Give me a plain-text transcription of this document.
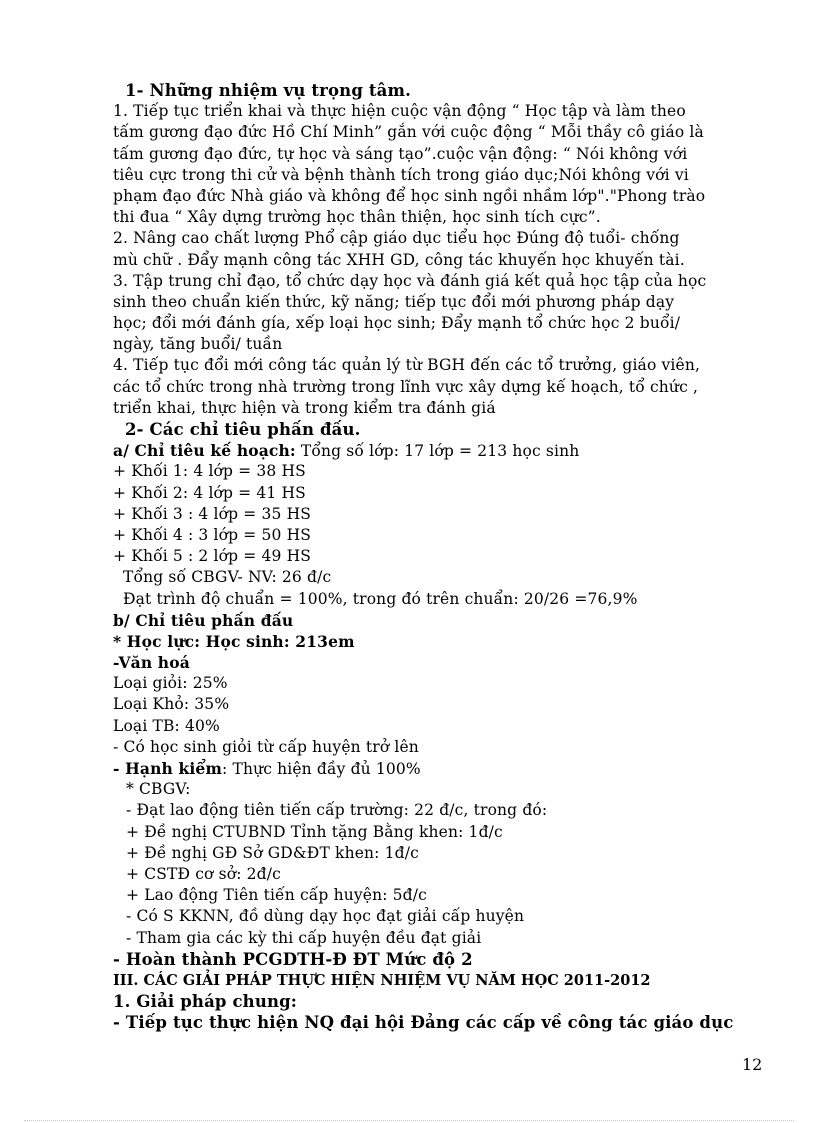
1- Những nhiệm vụ trọng tâm.
1. Tiếp tục triển khai và thực hiện cuộc vận động “ Học tập và làm theo
tấm gương đạo đức Hồ Chí Minh” gắn với cuộc động “ Mỗi thầy cô giáo là
tấm gương đạo đức, tự học và sáng tạo”.cuộc vận động: “ Nói không với
tiêu cực trong thi cử và bệnh thành tích trong giáo dục;Nói không với vi
phạm đạo đức Nhà giáo và không để học sinh ngồi nhầm lớp"."Phong trào
thi đua “ Xây dựng trường học thân thiện, học sinh tích cực”.
2. Nâng cao chất lượng Phổ cập giáo dục tiểu học Đúng độ tuổi- chống
mù chữ . Đẩy mạnh công tác XHH GD, công tác khuyến học khuyến tài.
3. Tập trung chỉ đạo, tổ chức dạy học và đánh giá kết quả học tập của học
sinh theo chuẩn kiến thức, kỹ năng; tiếp tục đổi mới phương pháp dạy
học; đổi mới đánh gía, xếp loại học sinh; Đẩy mạnh tổ chức học 2 buổi/
ngày, tăng buổi/ tuần
4. Tiếp tục đổi mới công tác quản lý từ BGH đến các tổ trưởng, giáo viên,
các tổ chức trong nhà trường trong lĩnh vực xây dựng kế hoạch, tổ chức ,
triển khai, thực hiện và trong kiểm tra đánh giá
2- Các chỉ tiêu phấn đấu.
a/ Chỉ tiêu kế hoạch: Tổng số lớp: 17 lớp = 213 học sinh
+ Khối 1: 4 lớp = 38 HS
+ Khối 2: 4 lớp = 41 HS
+ Khối 3 : 4 lớp = 35 HS
+ Khối 4 : 3 lớp = 50 HS
+ Khối 5 : 2 lớp = 49 HS
Tổng số CBGV- NV: 26 đ/c
Đạt trình độ chuẩn = 100%, trong đó trên chuẩn: 20/26 =76,9%
b/ Chỉ tiêu phấn đấu
* Học lực: Học sinh: 213em
-Văn hoá
Loại giỏi: 25%
Loại Khỏ: 35%
Loại TB: 40%
- Có học sinh giỏi từ cấp huyện trở lên
- Hạnh kiểm: Thực hiện đầy đủ 100%
* CBGV:
- Đạt lao động tiên tiến cấp trường: 22 đ/c, trong đó:
+ Đề nghị CTUBND Tỉnh tặng Bằng khen: 1đ/c
+ Đề nghị GĐ Sở GD&ĐT khen: 1đ/c
+ CSTĐ cơ sở: 2đ/c
+ Lao động Tiên tiến cấp huyện: 5đ/c
- Có S KKNN, đồ dùng dạy học đạt giải cấp huyện
- Tham gia các kỳ thi cấp huyện đều đạt giải
- Hoàn thành PCGDTH-Đ ĐT Mức độ 2
III. CÁC GIẢI PHÁP THỰC HIỆN NHIỆM VỤ NĂM HỌC 2011-2012
1. Giải pháp chung:
- Tiếp tục thực hiện NQ đại hội Đảng các cấp về công tác giáo dục
12
